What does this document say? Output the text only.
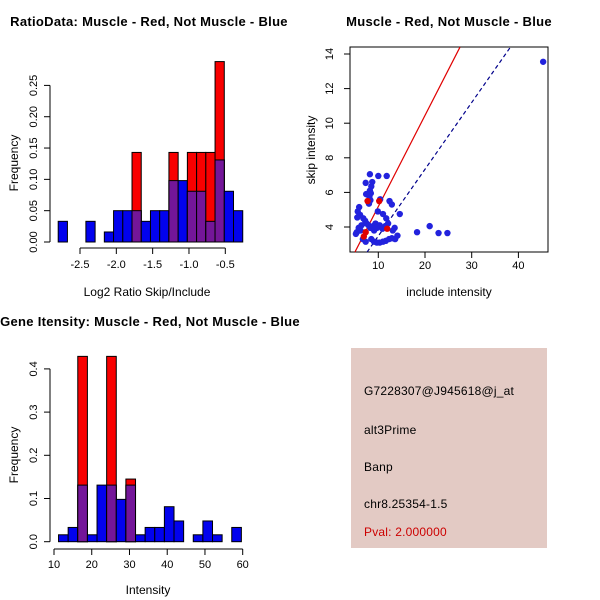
0.00
0.05
0.10
0.15
0.20
0.25
-2.5 -2.0 -1.5 -1.0 -0.5	10	20	30	40
4
6
8
10
12
14
0.0
0.1
0.2
0.3
0.4
10 20 30 40 50 60
RatioData: Muscle - Red, Not Muscle - Blue	Muscle - Red, Not Muscle - Blue
Gene Itensity: Muscle - Red, Not Muscle - Blue
Log2 Ratio Skip/Include
Frequency
include intensity
skip intensity
Intensity
Frequency
G7228307@J945618@j_at
alt3Prime
Banp
chr8.25354-1.5
Pval: 2.000000
